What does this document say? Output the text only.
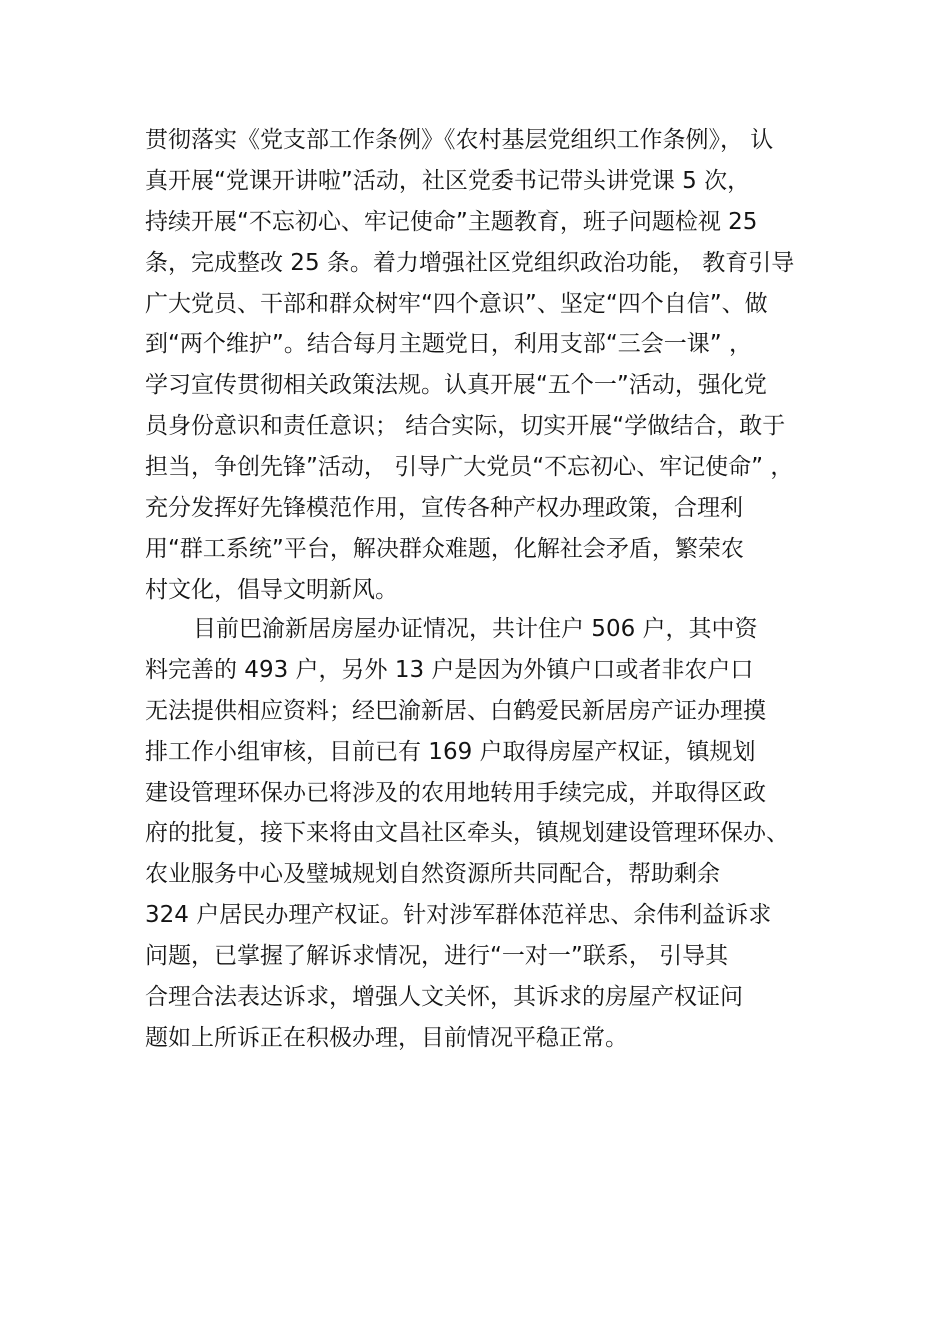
贯彻落实《党支部工作条例》《农村基层党组织工作条例》， 认
真开展“党课开讲啦”活动，社区党委书记带头讲党课 5 次，
持续开展“不忘初心、牢记使命”主题教育，班子问题检视 25
条，完成整改 25 条。着力增强社区党组织政治功能， 教育引导
广大党员、干部和群众树牢“四个意识”、坚定“四个自信”、做
到“两个维护”。结合每月主题党日，利用支部“三会一课” ，
学习宣传贯彻相关政策法规。认真开展“五个一”活动，强化党
员身份意识和责任意识； 结合实际，切实开展“学做结合，敢于
担当，争创先锋”活动， 引导广大党员“不忘初心、牢记使命” ，
充分发挥好先锋模范作用，宣传各种产权办理政策，合理利
用“群工系统”平台，解决群众难题，化解社会矛盾，繁荣农
村文化，倡导文明新风。
目前巴渝新居房屋办证情况，共计住户 506 户，其中资
料完善的 493 户，另外 13 户是因为外镇户口或者非农户口
无法提供相应资料；经巴渝新居、白鹤爱民新居房产证办理摸
排工作小组审核，目前已有 169 户取得房屋产权证，镇规划
建设管理环保办已将涉及的农用地转用手续完成，并取得区政
府的批复，接下来将由文昌社区牵头，镇规划建设管理环保办、
农业服务中心及璧城规划自然资源所共同配合，帮助剩余
324 户居民办理产权证。针对涉军群体范祥忠、余伟利益诉求
问题，已掌握了解诉求情况，进行“一对一”联系， 引导其
合理合法表达诉求，增强人文关怀，其诉求的房屋产权证问
题如上所诉正在积极办理，目前情况平稳正常。
